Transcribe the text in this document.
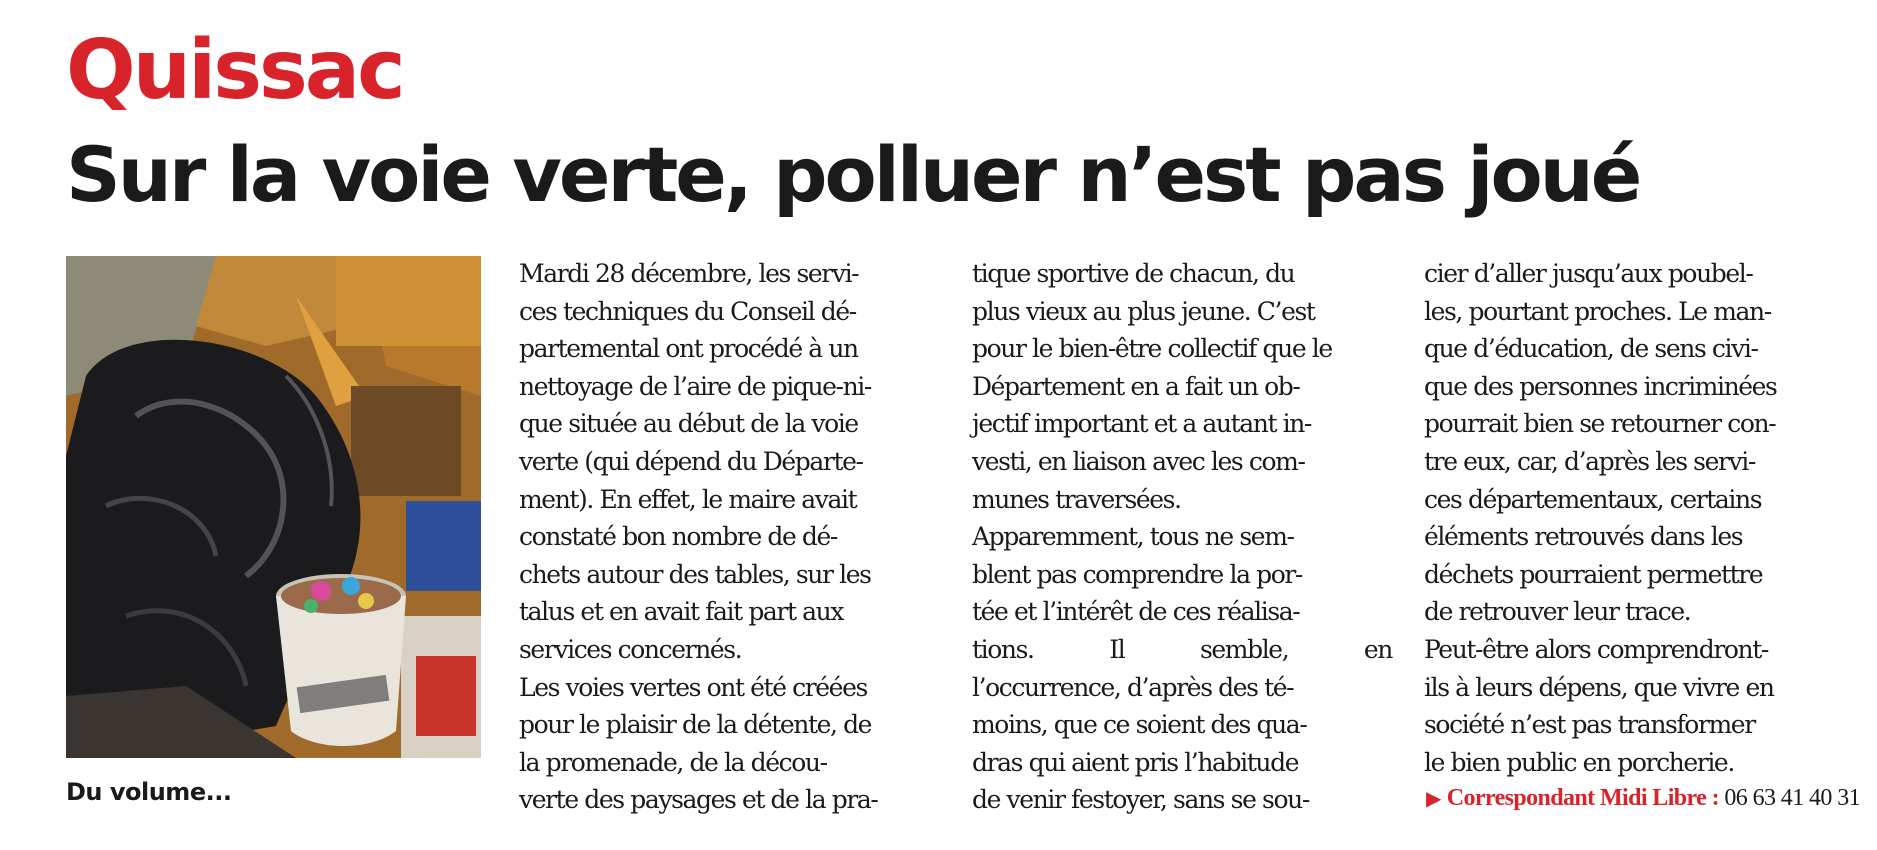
Quissac
Sur la voie verte, polluer n’est pas joué
Du volume...
Mardi 28 décembre, les servi-
ces techniques du Conseil dé-
partemental ont procédé à un
nettoyage de l’aire de pique-ni-
que située au début de la voie
verte (qui dépend du Départe-
ment). En effet, le maire avait
constaté bon nombre de dé-
chets autour des tables, sur les
talus et en avait fait part aux
services concernés.
Les voies vertes ont été créées
pour le plaisir de la détente, de
la promenade, de la décou-
verte des paysages et de la pra-
tique sportive de chacun, du
plus vieux au plus jeune. C’est
pour le bien-être collectif que le
Département en a fait un ob-
jectif important et a autant in-
vesti, en liaison avec les com-
munes traversées.
Apparemment, tous ne sem-
blent pas comprendre la por-
tée et l’intérêt de ces réalisa-
tions. Il semble, en
l’occurrence, d’après des té-
moins, que ce soient des qua-
dras qui aient pris l’habitude
de venir festoyer, sans se sou-
cier d’aller jusqu’aux poubel-
les, pourtant proches. Le man-
que d’éducation, de sens civi-
que des personnes incriminées
pourrait bien se retourner con-
tre eux, car, d’après les servi-
ces départementaux, certains
éléments retrouvés dans les
déchets pourraient permettre
de retrouver leur trace.
Peut-être alors comprendront-
ils à leurs dépens, que vivre en
société n’est pas transformer
le bien public en porcherie.
▶ Correspondant Midi Libre : 06 63 41 40 31
